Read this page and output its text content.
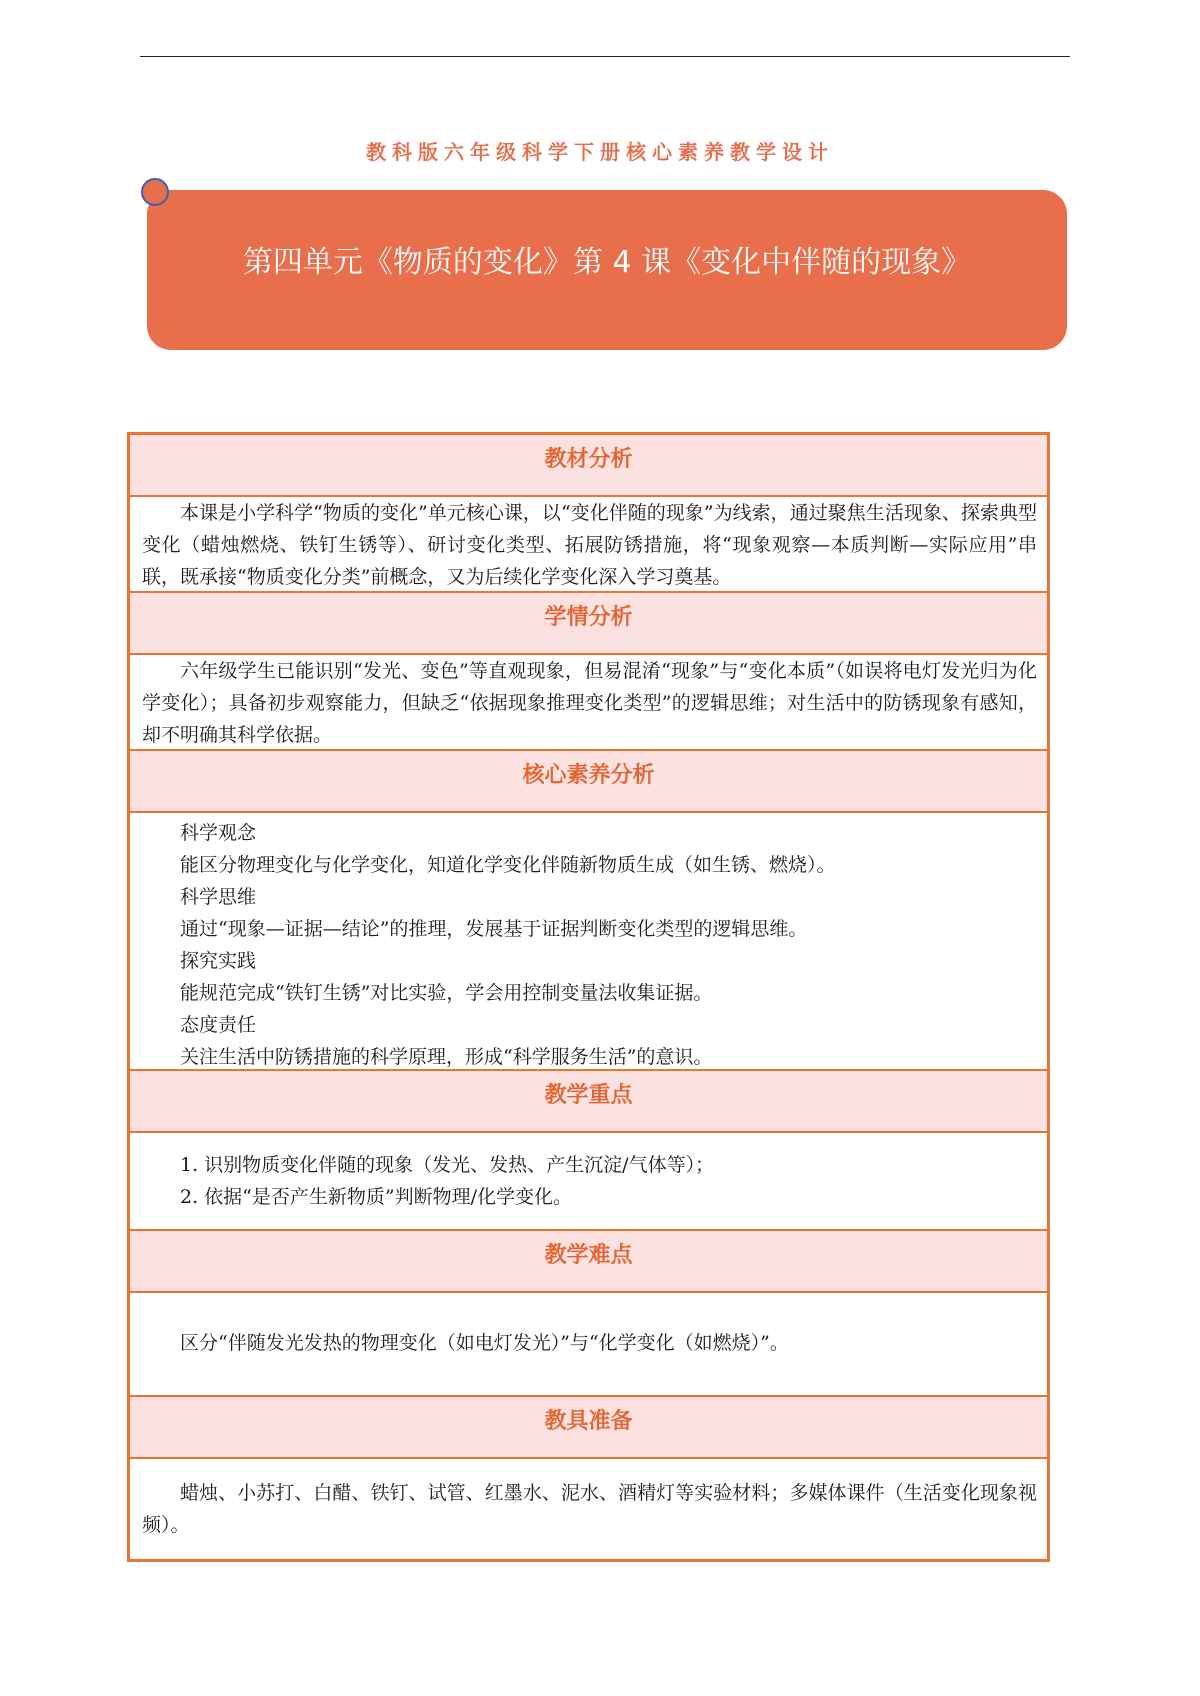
教科版六年级科学下册核心素养教学设计
第四单元《物质的变化》第 4 课《变化中伴随的现象》
教材分析

本课是小学科学“物质的变化”单元核心课，以“变化伴随的现象”为线索，通过聚焦生活现象、探索典型变化（蜡烛燃烧、铁钉生锈等）、研讨变化类型、拓展防锈措施，将“现象观察—本质判断—实际应用”串联，既承接“物质变化分类”前概念，又为后续化学变化深入学习奠基。

学情分析

六年级学生已能识别“发光、变色”等直观现象，但易混淆“现象”与“变化本质”（如误将电灯发光归为化学变化）；具备初步观察能力，但缺乏“依据现象推理变化类型”的逻辑思维；对生活中的防锈现象有感知，却不明确其科学依据。

核心素养分析

科学观念

能区分物理变化与化学变化，知道化学变化伴随新物质生成（如生锈、燃烧）。

科学思维

通过“现象—证据—结论”的推理，发展基于证据判断变化类型的逻辑思维。

探究实践

能规范完成“铁钉生锈”对比实验，学会用控制变量法收集证据。

态度责任

关注生活中防锈措施的科学原理，形成“科学服务生活”的意识。

教学重点

1. 识别物质变化伴随的现象（发光、发热、产生沉淀/气体等）；

2. 依据“是否产生新物质”判断物理/化学变化。

教学难点

区分“伴随发光发热的物理变化（如电灯发光）”与“化学变化（如燃烧）”。

教具准备

蜡烛、小苏打、白醋、铁钉、试管、红墨水、泥水、酒精灯等实验材料；多媒体课件（生活变化现象视频）。
